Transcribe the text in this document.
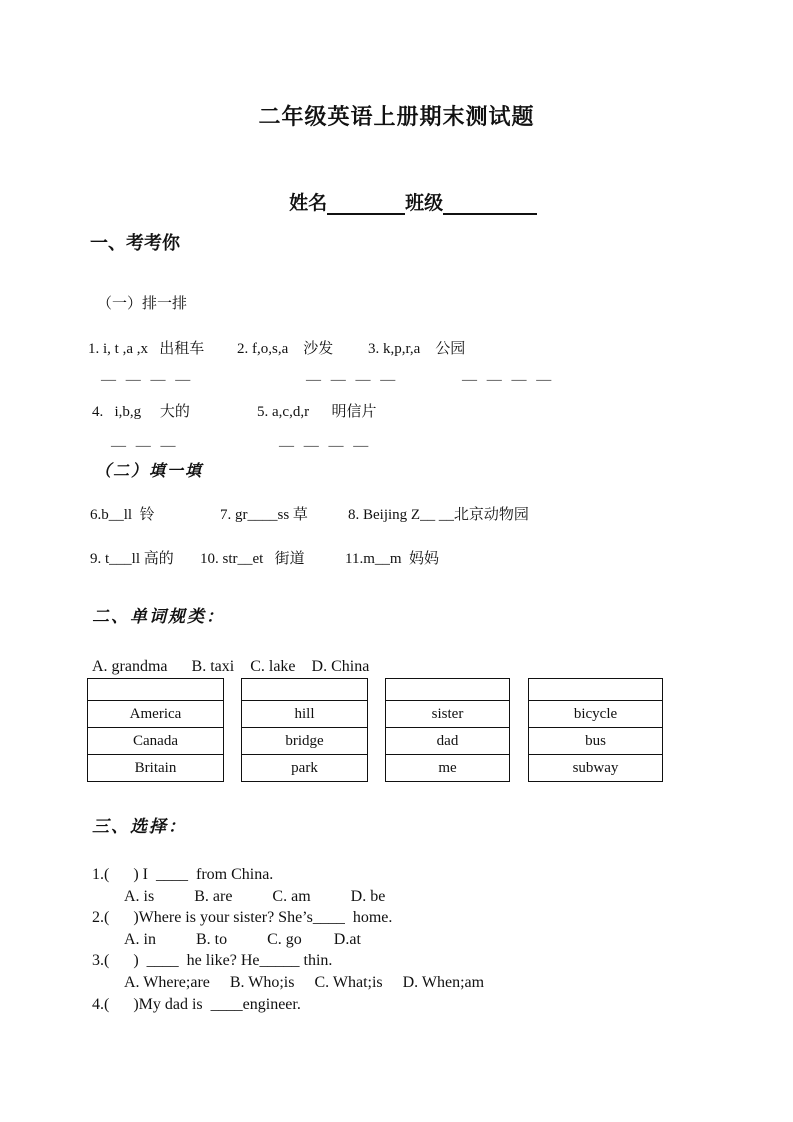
二年级英语上册期末测试题

姓名	班级

一、考考你
（一）排一排
1. i, t ,a ,x   出租车 2. f,o,s,a    沙发 3. k,p,r,a    公园
— — — —	— — — —	— — — —
4.   i,b,g     大的	5. a,c,d,r      明信片
— — —	— — — —
（二）填一填
6.b__ll  铃	7. gr____ss 草	8. Beijing Z__ __北京动物园
9. t___ll 高的 10. str__et   街道	11.m__m  妈妈
二、单词规类：
A. grandma      B. taxi    C. lake    D. China
America
Canada
Britain
hill
bridge
park
sister
dad
me
bicycle
bus
subway
三、选择：
1.(      ) I  ____  from China.
A. is          B. are          C. am          D. be
2.(      )Where is your sister? She’s____  home.
A. in          B. to          C. go        D.at
3.(      )  ____  he like? He_____ thin.
A. Where;are     B. Who;is     C. What;is     D. When;am
4.(      )My dad is  ____engineer.
